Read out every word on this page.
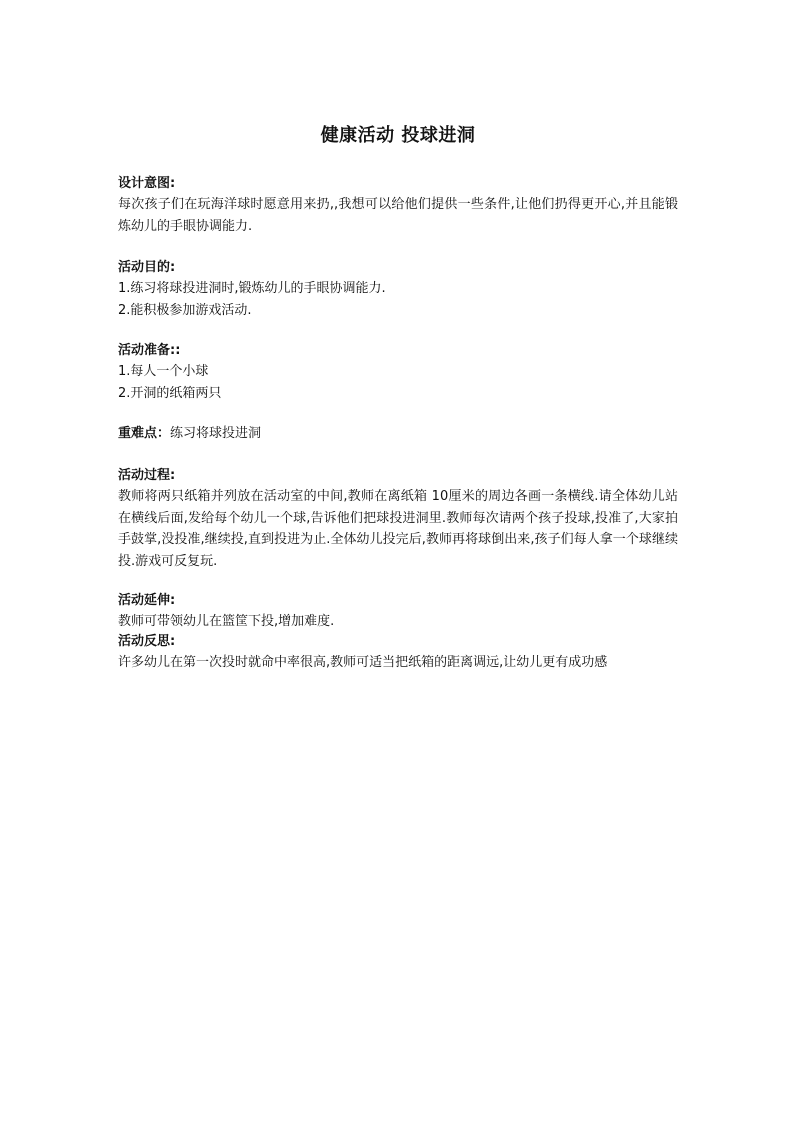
健康活动 投球进洞

设计意图:

每次孩子们在玩海洋球时愿意用来扔,,我想可以给他们提供一些条件,让他们扔得更开心,并且能锻炼幼儿的手眼协调能力.

活动目的:

1.练习将球投进洞时,锻炼幼儿的手眼协调能力.

2.能积极参加游戏活动.

活动准备::

1.每人一个小球

2.开洞的纸箱两只

重难点：练习将球投进洞

活动过程:

教师将两只纸箱并列放在活动室的中间,教师在离纸箱 10厘米的周边各画一条横线.请全体幼儿站在横线后面,发给每个幼儿一个球,告诉他们把球投进洞里.教师每次请两个孩子投球,投准了,大家拍手鼓掌,没投准,继续投,直到投进为止.全体幼儿投完后,教师再将球倒出来,孩子们每人拿一个球继续投.游戏可反复玩.

活动延伸:

教师可带领幼儿在篮筐下投,增加难度.

活动反思:

许多幼儿在第一次投时就命中率很高,教师可适当把纸箱的距离调远,让幼儿更有成功感
